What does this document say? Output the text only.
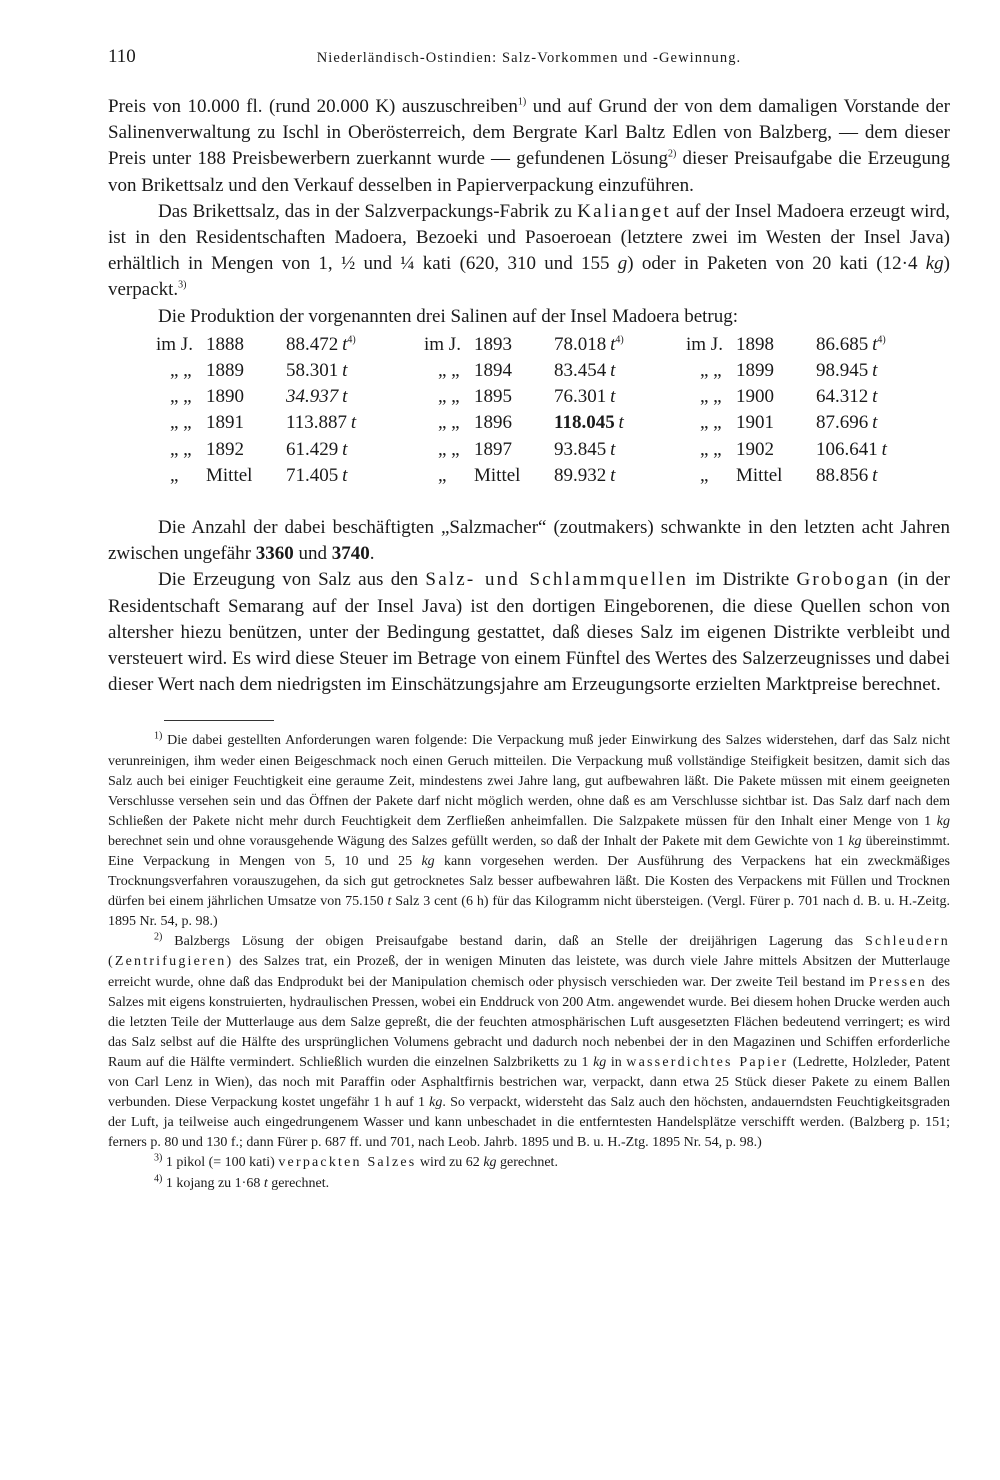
110	Niederländisch-Ostindien: Salz-Vorkommen und -Gewinnung.

Preis von 10.000 fl. (rund 20.000 K) auszuschreiben$^{1)}$ und auf Grund der von dem damaligen Vorstande der Salinenverwaltung zu Ischl in Oberösterreich, dem Bergrate Karl Baltz Edlen von Balzberg, — dem dieser Preis unter 188 Preisbewerbern zuerkannt wurde — gefundenen Lösung$^{2)}$ dieser Preisaufgabe die Erzeugung von Brikettsalz und den Verkauf desselben in Papierverpackung einzuführen.

Das Brikettsalz, das in der Salzverpackungs-Fabrik zu Kalianget auf der Insel Madoera erzeugt wird, ist in den Residentschaften Madoera, Bezoeki und Pasoeroean (letztere zwei im Westen der Insel Java) erhältlich in Mengen von 1, ½ und ¼ kati (620, 310 und 155 g) oder in Paketen von 20 kati (12·4 kg) verpackt.$^{3)}$

Die Produktion der vorgenannten drei Salinen auf der Insel Madoera betrug:

im J. 1888 88.472  $t^{4)}$	im J. 1893 78.018  $t^{4)}$	im J. 1898 86.685  $t^{4)}$
„ „ 1889 58.301  t	„ „ 1894 83.454  t	„ „ 1899 98.945  t
„ „ 1890 34.937  t	„ „ 1895 76.301  t	„ „ 1900 64.312  t
„ „ 1891 113.887  t	„ „ 1896 118.045  t	„ „ 1901 87.696  t
„ „ 1892 61.429  t	„ „ 1897 93.845  t	„ „ 1902 106.641  t
„ Mittel 71.405  t	„ Mittel 89.932  t	„ Mittel 88.856  t

Die Anzahl der dabei beschäftigten „Salzmacher“ (zoutmakers) schwankte in den letzten acht Jahren zwischen ungefähr 3360 und 3740.

Die Erzeugung von Salz aus den Salz- und Schlammquellen im Distrikte Grobogan (in der Residentschaft Semarang auf der Insel Java) ist den dortigen Eingeborenen, die diese Quellen schon von altersher hiezu benützen, unter der Bedingung gestattet, daß dieses Salz im eigenen Distrikte verbleibt und versteuert wird. Es wird diese Steuer im Betrage von einem Fünftel des Wertes des Salzerzeugnisses und dabei dieser Wert nach dem niedrigsten im Einschätzungsjahre am Erzeugungsorte erzielten Marktpreise berechnet.

$^{1)}$ Die dabei gestellten Anforderungen waren folgende: Die Verpackung muß jeder Einwirkung des Salzes widerstehen, darf das Salz nicht verunreinigen, ihm weder einen Beigeschmack noch einen Geruch mitteilen. Die Verpackung muß vollständige Steifigkeit besitzen, damit sich das Salz auch bei einiger Feuchtigkeit eine geraume Zeit, mindestens zwei Jahre lang, gut aufbewahren läßt. Die Pakete müssen mit einem geeigneten Verschlusse versehen sein und das Öffnen der Pakete darf nicht möglich werden, ohne daß es am Verschlusse sichtbar ist. Das Salz darf nach dem Schließen der Pakete nicht mehr durch Feuchtigkeit dem Zerfließen anheimfallen. Die Salzpakete müssen für den Inhalt einer Menge von 1 kg berechnet sein und ohne vorausgehende Wägung des Salzes gefüllt werden, so daß der Inhalt der Pakete mit dem Gewichte von 1 kg übereinstimmt. Eine Verpackung in Mengen von 5, 10 und 25 kg kann vorgesehen werden. Der Ausführung des Verpackens hat ein zweckmäßiges Trocknungsverfahren vorauszugehen, da sich gut getrocknetes Salz besser aufbewahren läßt. Die Kosten des Verpackens mit Füllen und Trocknen dürfen bei einem jährlichen Umsatze von 75.150 t Salz 3 cent (6 h) für das Kilogramm nicht übersteigen. (Vergl. Fürer p. 701 nach d. B. u. H.-Zeitg. 1895 Nr. 54, p. 98.)

$^{2)}$ Balzbergs Lösung der obigen Preisaufgabe bestand darin, daß an Stelle der dreijährigen Lagerung das Schleudern (Zentrifugieren) des Salzes trat, ein Prozeß, der in wenigen Minuten das leistete, was durch viele Jahre mittels Absitzen der Mutterlauge erreicht wurde, ohne daß das Endprodukt bei der Manipulation chemisch oder physisch verschieden war. Der zweite Teil bestand im Pressen des Salzes mit eigens konstruierten, hydraulischen Pressen, wobei ein Enddruck von 200 Atm. angewendet wurde. Bei diesem hohen Drucke werden auch die letzten Teile der Mutterlauge aus dem Salze gepreßt, die der feuchten atmosphärischen Luft ausgesetzten Flächen bedeutend verringert; es wird das Salz selbst auf die Hälfte des ursprünglichen Volumens gebracht und dadurch noch nebenbei der in den Magazinen und Schiffen erforderliche Raum auf die Hälfte vermindert. Schließlich wurden die einzelnen Salzbriketts zu 1 kg in wasserdichtes Papier (Ledrette, Holzleder, Patent von Carl Lenz in Wien), das noch mit Paraffin oder Asphaltfirnis bestrichen war, verpackt, dann etwa 25 Stück dieser Pakete zu einem Ballen verbunden. Diese Verpackung kostet ungefähr 1 h auf 1 kg. So verpackt, widersteht das Salz auch den höchsten, andauerndsten Feuchtigkeitsgraden der Luft, ja teilweise auch eingedrungenem Wasser und kann unbeschadet in die entferntesten Handelsplätze verschifft werden. (Balzberg p. 151; ferners p. 80 und 130 f.; dann Fürer p. 687 ff. und 701, nach Leob. Jahrb. 1895 und B. u. H.-Ztg. 1895 Nr. 54, p. 98.)

$^{3)}$ 1 pikol (= 100 kati) verpackten Salzes wird zu 62 kg gerechnet.

$^{4)}$ 1 kojang zu 1·68 t gerechnet.
